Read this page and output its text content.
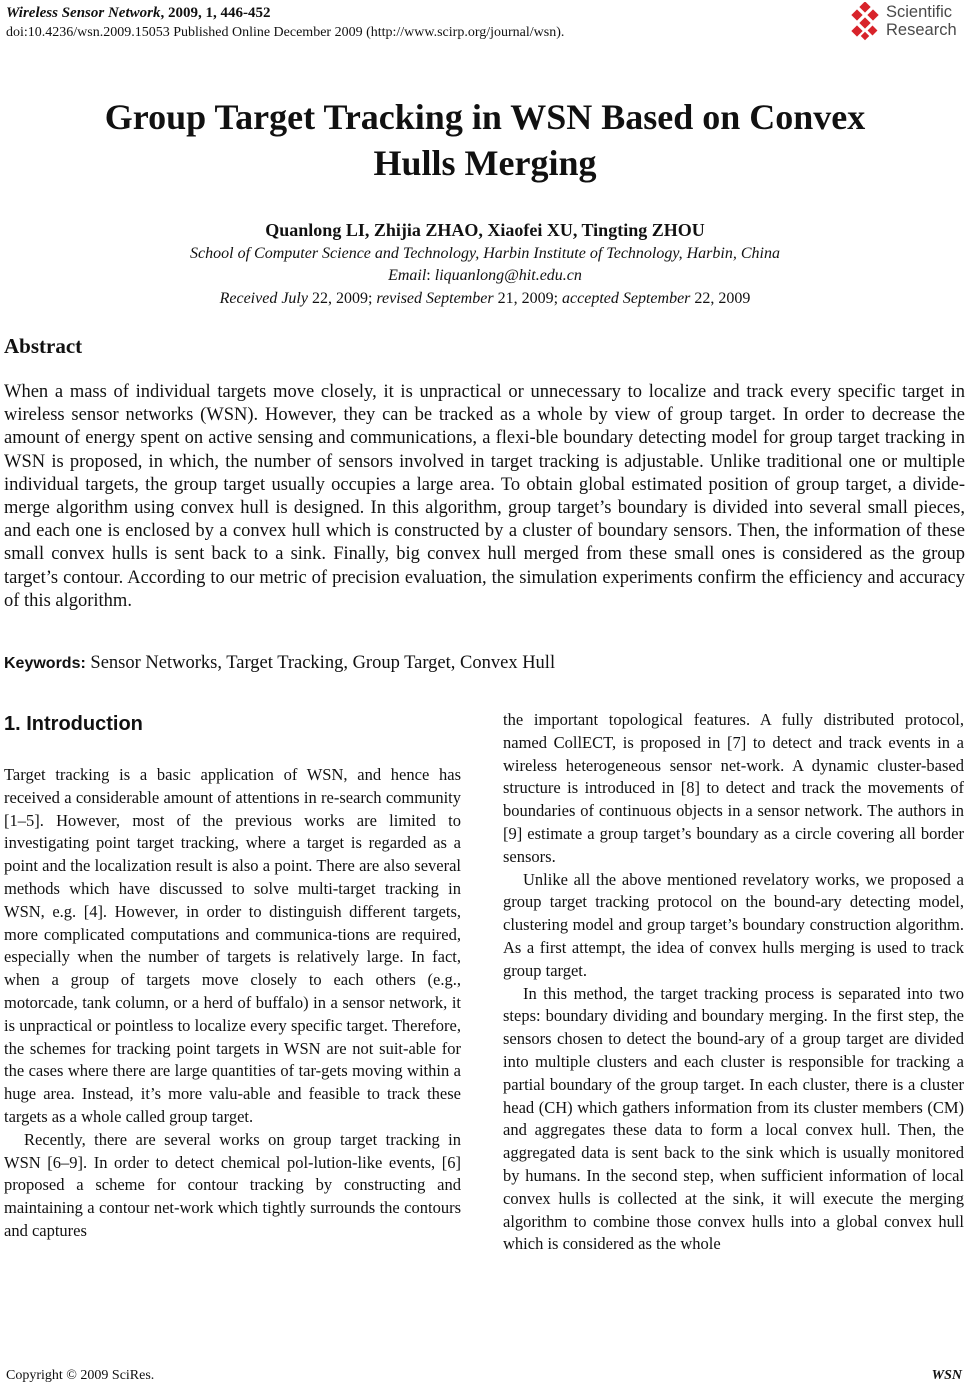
Wireless Sensor Network, 2009, 1, 446-452
doi:10.4236/wsn.2009.15053 Published Online December 2009 (http://www.scirp.org/journal/wsn).
Scientific
Research
Group Target Tracking in WSN Based on Convex
Hulls Merging
Quanlong LI, Zhijia ZHAO, Xiaofei XU, Tingting ZHOU
School of Computer Science and Technology, Harbin Institute of Technology, Harbin, China
Email: liquanlong@hit.edu.cn
Received July 22, 2009; revised September 21, 2009; accepted September 22, 2009
Abstract
When a mass of individual targets move closely, it is unpractical or unnecessary to localize and track every specific target in wireless sensor networks (WSN). However, they can be tracked as a whole by view of group target. In order to decrease the amount of energy spent on active sensing and communications, a flexi-ble boundary detecting model for group target tracking in WSN is proposed, in which, the number of sensors involved in target tracking is adjustable. Unlike traditional one or multiple individual targets, the group target usually occupies a large area. To obtain global estimated position of group target, a divide-merge algorithm using convex hull is designed. In this algorithm, group target’s boundary is divided into several small pieces, and each one is enclosed by a convex hull which is constructed by a cluster of boundary sensors. Then, the information of these small convex hulls is sent back to a sink. Finally, big convex hull merged from these small ones is considered as the group target’s contour. According to our metric of precision evaluation, the simulation experiments confirm the efficiency and accuracy of this algorithm.
Keywords: Sensor Networks, Target Tracking, Group Target, Convex Hull
1. Introduction

Target tracking is a basic application of WSN, and hence has received a considerable amount of attentions in re-search community [1–5]. However, most of the previous works are limited to investigating point target tracking, where a target is regarded as a point and the localization result is also a point. There are also several methods which have discussed to solve multi-target tracking in WSN, e.g. [4]. However, in order to distinguish different targets, more complicated computations and communica-tions are required, especially when the number of targets is relatively large. In fact, when a group of targets move closely to each others (e.g., motorcade, tank column, or a herd of buffalo) in a sensor network, it is unpractical or pointless to localize every specific target. Therefore, the schemes for tracking point targets in WSN are not suit-able for the cases where there are large quantities of tar-gets moving within a huge area. Instead, it’s more valu-able and feasible to track these targets as a whole called group target.

Recently, there are several works on group target tracking in WSN [6–9]. In order to detect chemical pol-lution-like events, [6] proposed a scheme for contour tracking by constructing and maintaining a contour net-work which tightly surrounds the contours and captures

the important topological features. A fully distributed protocol, named CollECT, is proposed in [7] to detect and track events in a wireless heterogeneous sensor net-work. A dynamic cluster-based structure is introduced in [8] to detect and track the movements of boundaries of continuous objects in a sensor network. The authors in [9] estimate a group target’s boundary as a circle covering all border sensors.

Unlike all the above mentioned revelatory works, we proposed a group target tracking protocol on the bound-ary detecting model, clustering model and group target’s boundary construction algorithm. As a first attempt, the idea of convex hulls merging is used to track group target.

In this method, the target tracking process is separated into two steps: boundary dividing and boundary merging. In the first step, the sensors chosen to detect the bound-ary of a group target are divided into multiple clusters and each cluster is responsible for tracking a partial boundary of the group target. In each cluster, there is a cluster head (CH) which gathers information from its cluster members (CM) and aggregates these data to form a local convex hull. Then, the aggregated data is sent back to the sink which is usually monitored by humans. In the second step, when sufficient information of local convex hulls is collected at the sink, it will execute the merging algorithm to combine those convex hulls into a global convex hull which is considered as the whole

Copyright © 2009 SciRes.	WSN
